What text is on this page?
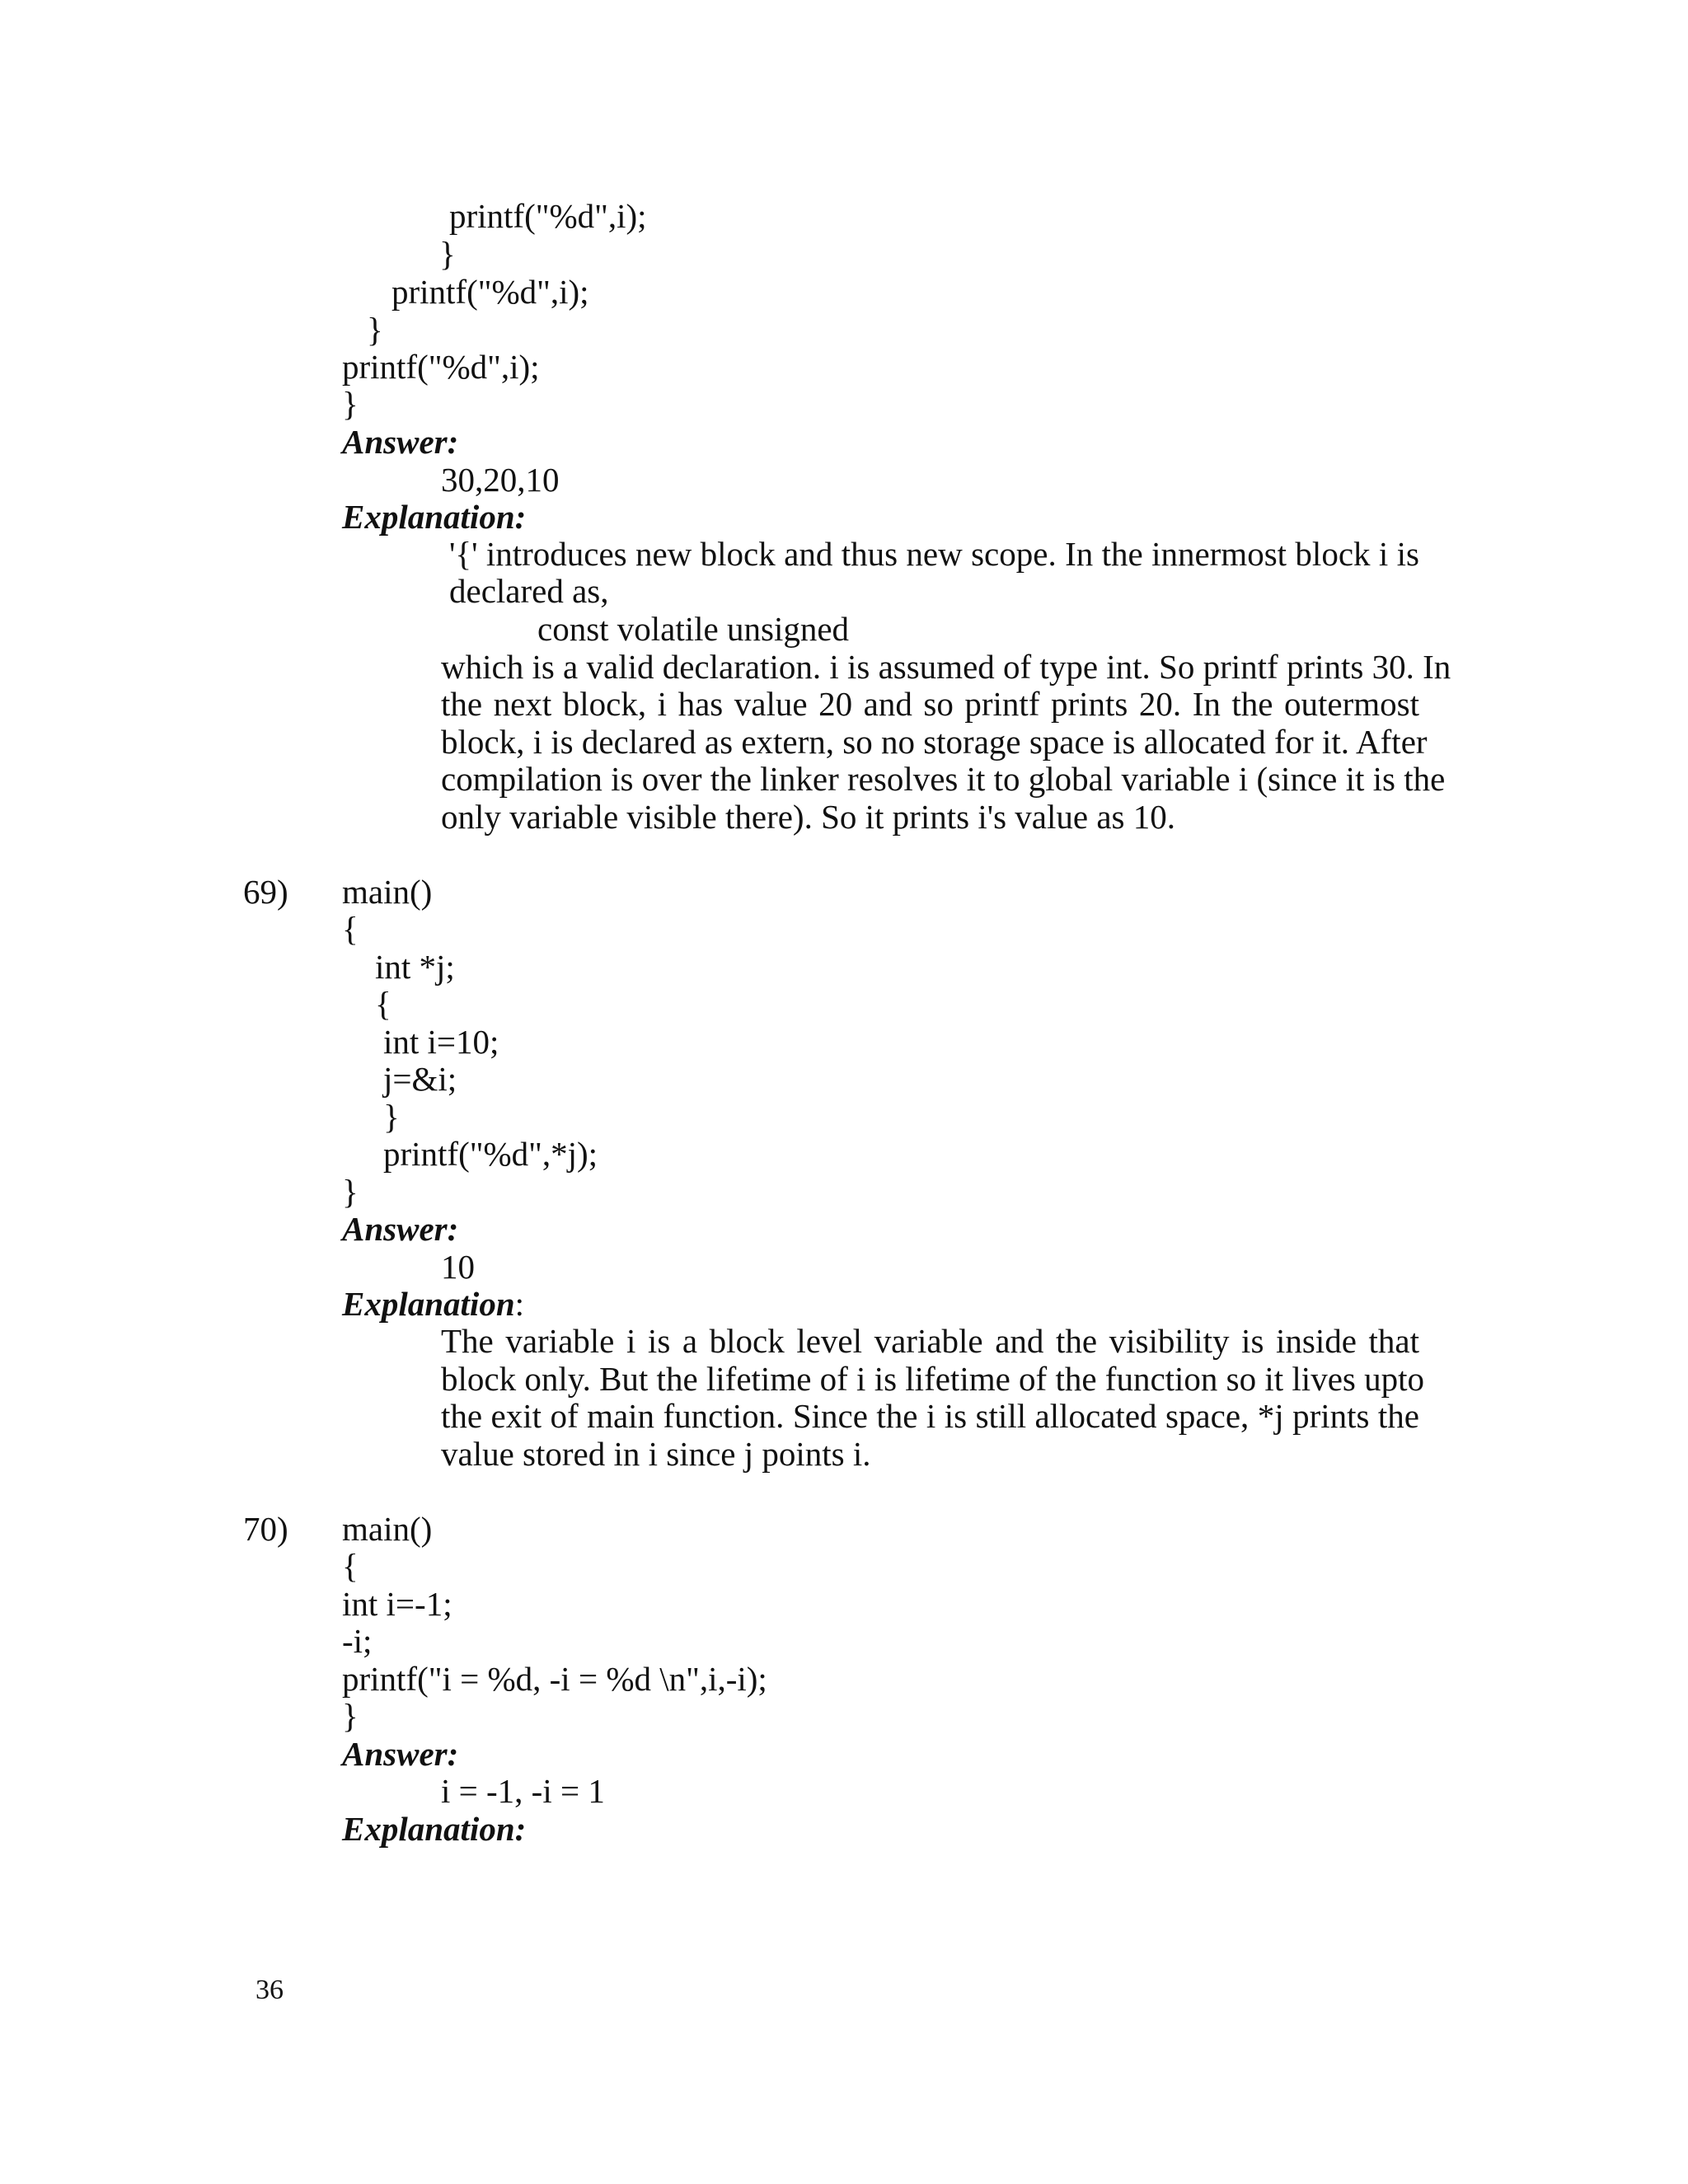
printf("%d",i);
}
printf("%d",i);
}
printf("%d",i);
}
Answer:
30,20,10
Explanation:
'{' introduces new block and thus new scope. In the innermost block i is
declared as,
const volatile unsigned
which is a valid declaration. i is assumed of type int. So printf prints 30. In
the next block, i has value 20 and so printf prints 20. In the outermost
block, i is declared as extern, so no storage space is allocated for it. After
compilation is over the linker resolves it to global variable i (since it is the
only variable visible there). So it prints i's value as 10.
69) main()
{
int *j;
{
int i=10;
j=&i;
}
printf("%d",*j);
}
Answer:
10
Explanation:
The variable i is a block level variable and the visibility is inside that
block only. But the lifetime of i is lifetime of the function so it lives upto
the exit of main function. Since the i is still allocated space, *j prints the
value stored in i since j points i.
70) main()
{
int i=-1;
-i;
printf("i = %d, -i = %d \n",i,-i);
}
Answer:
i = -1, -i = 1
Explanation:
36
